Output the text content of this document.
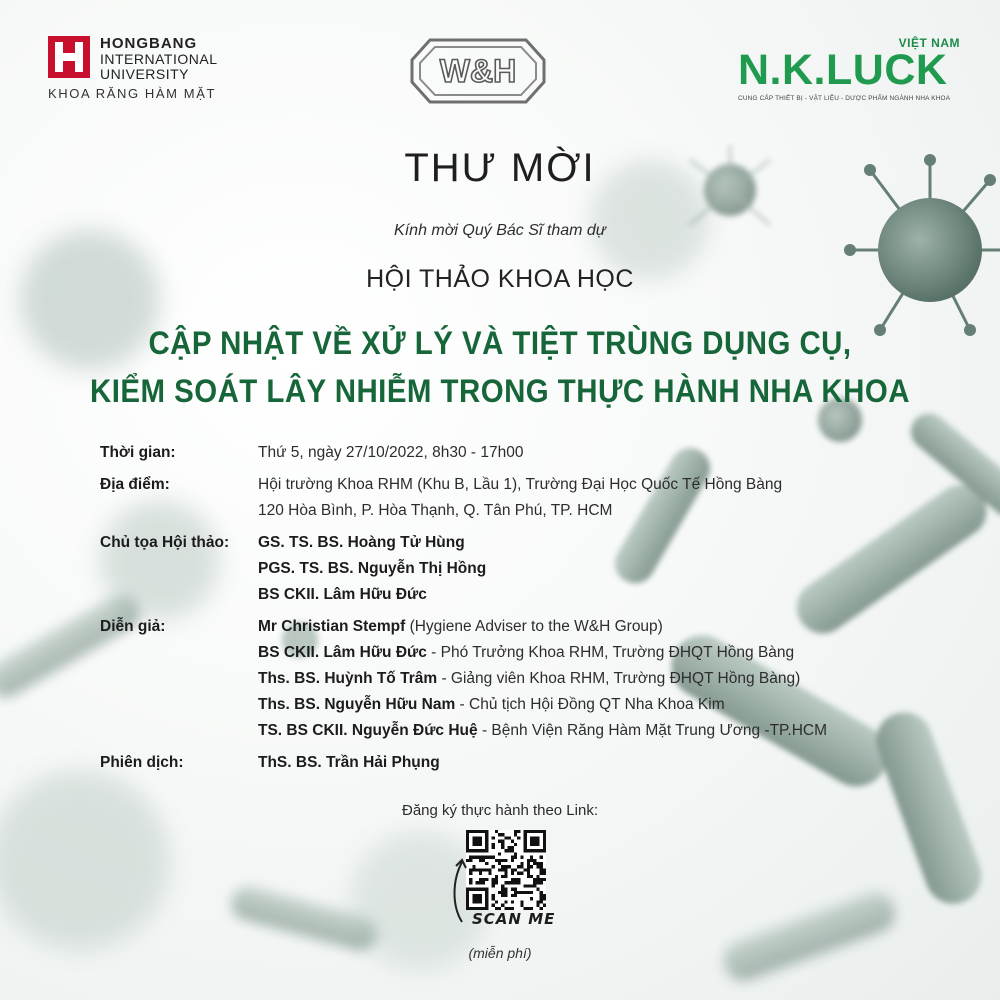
HONGBANG
INTERNATIONAL
UNIVERSITY
KHOA RĂNG HÀM MẶT
W&H
VIỆT NAM
N.K.LUCK
CUNG CẤP THIẾT BỊ - VẬT LIỆU - DƯỢC PHẨM NGÀNH NHA KHOA
THƯ MỜI
Kính mời Quý Bác Sĩ tham dự
HỘI THẢO KHOA HỌC
CẬP NHẬT VỀ XỬ LÝ VÀ TIỆT TRÙNG DỤNG CỤ,
KIỂM SOÁT LÂY NHIỄM TRONG THỰC HÀNH NHA KHOA
Thời gian:	Thứ 5, ngày 27/10/2022, 8h30 - 17h00
Địa điểm:	Hội trường Khoa RHM (Khu B, Lầu 1), Trường Đại Học Quốc Tế Hồng Bàng
120 Hòa Bình, P. Hòa Thạnh, Q. Tân Phú, TP. HCM
Chủ tọa Hội thảo:	GS. TS. BS. Hoàng Tử Hùng
PGS. TS. BS. Nguyễn Thị Hồng
BS CKII. Lâm Hữu Đức
Diễn giả:	Mr Christian Stempf (Hygiene Adviser to the W&H Group)
BS CKII. Lâm Hữu Đức - Phó Trưởng Khoa RHM, Trường ĐHQT Hồng Bàng
Ths. BS. Huỳnh Tố Trâm - Giảng viên Khoa RHM, Trường ĐHQT Hồng Bàng)
Ths. BS. Nguyễn Hữu Nam - Chủ tịch Hội Đồng QT Nha Khoa Kim
TS. BS CKII. Nguyễn Đức Huệ - Bệnh Viện Răng Hàm Mặt Trung Ương -TP.HCM
Phiên dịch:	ThS. BS. Trần Hải Phụng
Đăng ký thực hành theo Link:
SCAN ME
(miễn phí)
